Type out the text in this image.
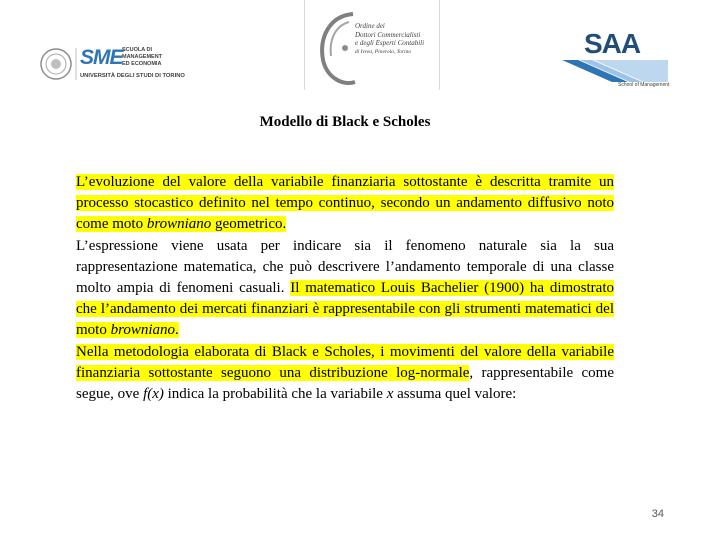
SME SCUOLA DI MANAGEMENT
ED ECONOMIA
UNIVERSITÀ DEGLI STUDI DI TORINO
Ordine dei
Dottori Commercialisti
e degli Esperti Contabili
di Ivrea, Pinerolo, Torino	SAA
School of Management
Modello di Black e Scholes

L’evoluzione del valore della variabile finanziaria sottostante è descritta tramite un processo stocastico definito nel tempo continuo, secondo un andamento diffusivo noto come moto browniano geometrico.

L’espressione viene usata per indicare sia il fenomeno naturale sia la sua rappresentazione matematica, che può descrivere l’andamento temporale di una classe molto ampia di fenomeni casuali. Il matematico Louis Bachelier (1900) ha dimostrato che l’andamento dei mercati finanziari è rappresentabile con gli strumenti matematici del moto browniano.

Nella metodologia elaborata di Black e Scholes, i movimenti del valore della variabile finanziaria sottostante seguono una distribuzione log-normale, rappresentabile come segue, ove f(x) indica la probabilità che la variabile x assuma quel valore:

34
